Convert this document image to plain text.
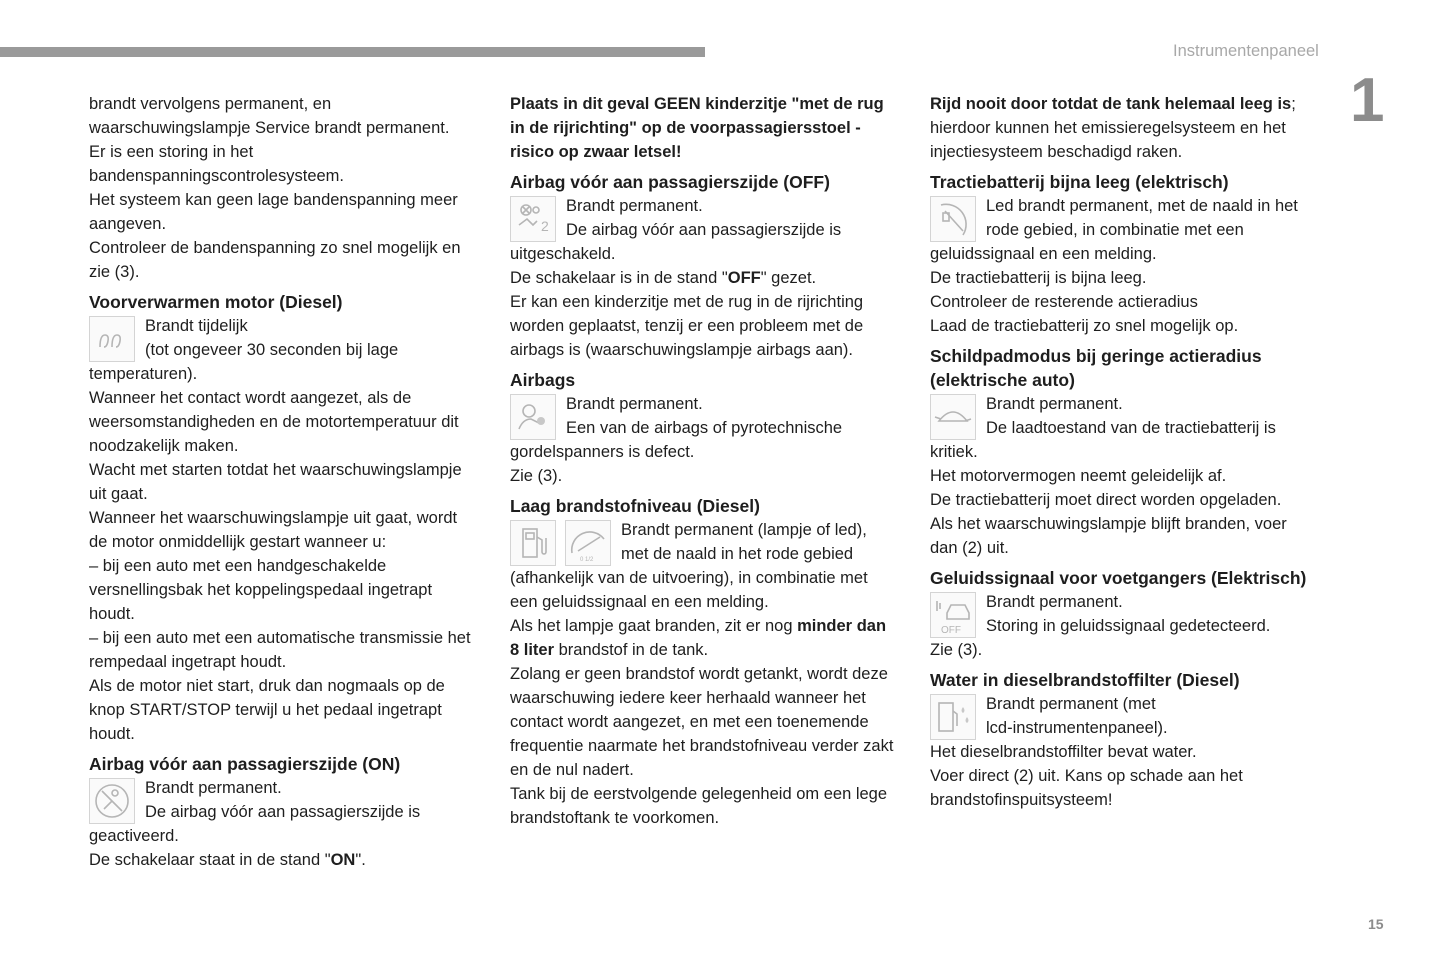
Instrumentenpaneel
1
15
brandt vervolgens permanent, en
waarschuwingslampje Service brandt permanent.
Er is een storing in het
bandenspanningscontrolesysteem.
Het systeem kan geen lage bandenspanning meer
aangeven.
Controleer de bandenspanning zo snel mogelijk en
zie (3).
Voorverwarmen motor (Diesel)
Brandt tijdelijk
(tot ongeveer 30 seconden bij lage
temperaturen).
Wanneer het contact wordt aangezet, als de
weersomstandigheden en de motortemperatuur dit
noodzakelijk maken.
Wacht met starten totdat het waarschuwingslampje
uit gaat.
Wanneer het waarschuwingslampje uit gaat, wordt
de motor onmiddellijk gestart wanneer u:
– bij een auto met een handgeschakelde
versnellingsbak het koppelingspedaal ingetrapt
houdt.
– bij een auto met een automatische transmissie het
rempedaal ingetrapt houdt.
Als de motor niet start, druk dan nogmaals op de
knop START/STOP terwijl u het pedaal ingetrapt
houdt.
Airbag vóór aan passagierszijde (ON)
Brandt permanent.
De airbag vóór aan passagierszijde is
geactiveerd.
De schakelaar staat in de stand "ON".
Plaats in dit geval GEEN kinderzitje "met de rug
in de rijrichting" op de voorpassagiersstoel -
risico op zwaar letsel!
Airbag vóór aan passagierszijde (OFF)
Brandt permanent.
2	De airbag vóór aan passagierszijde is
uitgeschakeld.
De schakelaar is in de stand "OFF" gezet.
Er kan een kinderzitje met de rug in de rijrichting
worden geplaatst, tenzij er een probleem met de
airbags is (waarschuwingslampje airbags aan).
Airbags
Brandt permanent.
Een van de airbags of pyrotechnische
gordelspanners is defect.
Zie (3).
Laag brandstofniveau (Diesel)
Brandt permanent (lampje of led),
0 1/2	met de naald in het rode gebied
(afhankelijk van de uitvoering), in combinatie met
een geluidssignaal en een melding.
Als het lampje gaat branden, zit er nog minder dan
8 liter brandstof in de tank.
Zolang er geen brandstof wordt getankt, wordt deze
waarschuwing iedere keer herhaald wanneer het
contact wordt aangezet, en met een toenemende
frequentie naarmate het brandstofniveau verder zakt
en de nul nadert.
Tank bij de eerstvolgende gelegenheid om een lege
brandstoftank te voorkomen.
Rijd nooit door totdat de tank helemaal leeg is;
hierdoor kunnen het emissieregelsysteem en het
injectiesysteem beschadigd raken.
Tractiebatterij bijna leeg (elektrisch)
Led brandt permanent, met de naald in het
rode gebied, in combinatie met een
geluidssignaal en een melding.
De tractiebatterij is bijna leeg.
Controleer de resterende actieradius
Laad de tractiebatterij zo snel mogelijk op.
Schildpadmodus bij geringe actieradius
(elektrische auto)
Brandt permanent.
De laadtoestand van de tractiebatterij is
kritiek.
Het motorvermogen neemt geleidelijk af.
De tractiebatterij moet direct worden opgeladen.
Als het waarschuwingslampje blijft branden, voer
dan (2) uit.
Geluidssignaal voor voetgangers (Elektrisch)
Brandt permanent.
OFF	Storing in geluidssignaal gedetecteerd.
Zie (3).
Water in dieselbrandstoffilter (Diesel)
Brandt permanent (met
lcd-instrumentenpaneel).
Het dieselbrandstoffilter bevat water.
Voer direct (2) uit. Kans op schade aan het
brandstofinspuitsysteem!
